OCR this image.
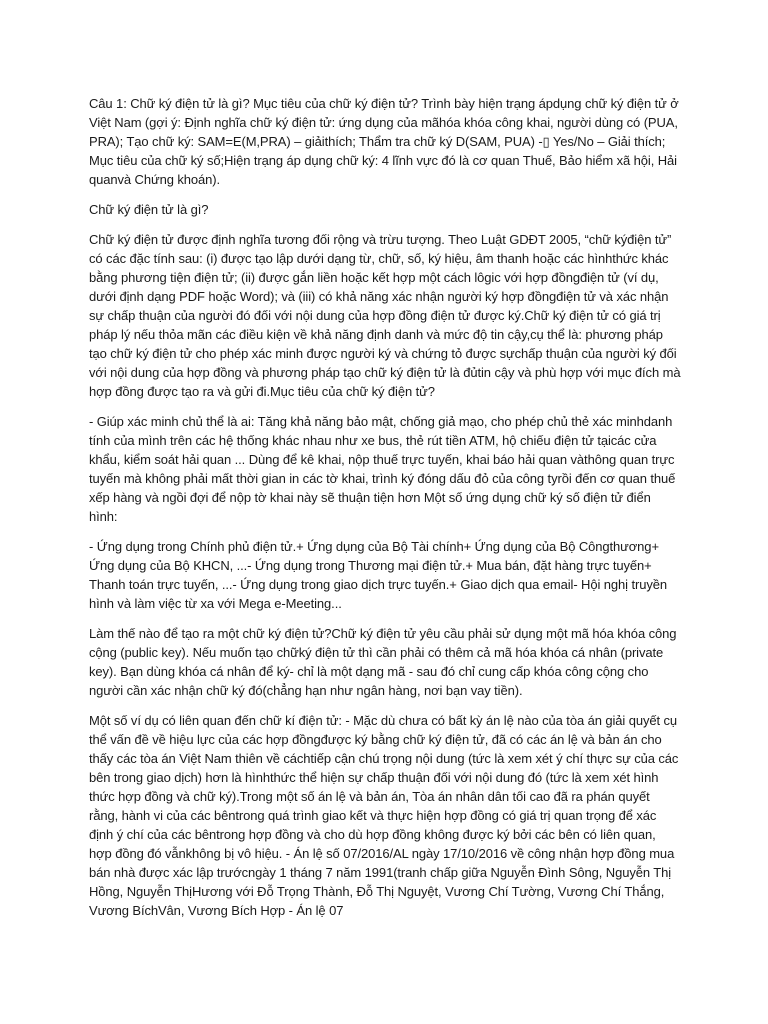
Câu 1: Chữ ký điện tử là gì? Mục tiêu của chữ ký điện tử? Trình bày hiện trạng ápdụng chữ ký điện tử ở Việt Nam (gợi ý: Định nghĩa chữ ký điện tử: ứng dụng của mãhóa khóa công khai, người dùng có (PUA, PRA); Tạo chữ ký: SAM=E(M,PRA) – giảithích; Thẩm tra chữ ký D(SAM, PUA) -▯ Yes/No – Giải thích; Mục tiêu của chữ ký số;Hiện trạng áp dụng chữ ký: 4 lĩnh vực đó là cơ quan Thuế, Bảo hiểm xã hội, Hải quanvà Chứng khoán).

Chữ ký điện tử là gì?

Chữ ký điện tử được định nghĩa tương đối rộng và trừu tượng. Theo Luật GDĐT 2005, “chữ kýđiện tử” có các đặc tính sau: (i) được tạo lập dưới dạng từ, chữ, số, ký hiệu, âm thanh hoặc các hìnhthức khác bằng phương tiện điện tử; (ii) được gắn liền hoặc kết hợp một cách lôgic với hợp đồngđiện tử (ví dụ, dưới định dạng PDF hoặc Word); và (iii) có khả năng xác nhận người ký hợp đồngđiện tử và xác nhận sự chấp thuận của người đó đối với nội dung của hợp đồng điện tử được ký.Chữ ký điện tử có giá trị pháp lý nếu thỏa mãn các điều kiện về khả năng định danh và mức độ tin cậy,cụ thể là: phương pháp tạo chữ ký điện tử cho phép xác minh được người ký và chứng tỏ được sựchấp thuận của người ký đối với nội dung của hợp đồng và phương pháp tạo chữ ký điện tử là đủtin cậy và phù hợp với mục đích mà hợp đồng được tạo ra và gửi đi.Mục tiêu của chữ ký điện tử?

- Giúp xác minh chủ thể là ai: Tăng khả năng bảo mật, chống giả mạo, cho phép chủ thẻ xác minhdanh tính của mình trên các hệ thống khác nhau như xe bus, thẻ rút tiền ATM, hộ chiếu điện tử tạicác cửa khẩu, kiểm soát hải quan ... Dùng để kê khai, nộp thuế trực tuyến, khai báo hải quan vàthông quan trực tuyến mà không phải mất thời gian in các tờ khai, trình ký đóng dấu đỏ của công tyrồi đến cơ quan thuế xếp hàng và ngồi đợi để nộp tờ khai này sẽ thuận tiện hơn Một số ứng dụng chữ ký số điện tử điển hình:

- Ứng dụng trong Chính phủ điện tử.+ Ứng dụng của Bộ Tài chính+ Ứng dụng của Bộ Côngthương+ Ứng dụng của Bộ KHCN, ...- Ứng dụng trong Thương mại điện tử.+ Mua bán, đặt hàng trực tuyến+ Thanh toán trực tuyến, ...- Ứng dụng trong giao dịch trực tuyến.+ Giao dịch qua email- Hội nghị truyền hình và làm việc từ xa với Mega e-Meeting...

Làm thế nào để tạo ra một chữ ký điện tử?Chữ ký điện tử yêu cầu phải sử dụng một mã hóa khóa công cộng (public key). Nếu muốn tạo chữký điện tử thì cần phải có thêm cả mã hóa khóa cá nhân (private key). Bạn dùng khóa cá nhân để ký- chỉ là một dạng mã - sau đó chỉ cung cấp khóa công cộng cho người cần xác nhận chữ ký đó(chẳng hạn như ngân hàng, nơi bạn vay tiền).

Một số ví dụ có liên quan đến chữ kí điện tử: - Mặc dù chưa có bất kỳ án lệ nào của tòa án giải quyết cụ thể vấn đề về hiệu lực của các hợp đồngđược ký bằng chữ ký điện tử, đã có các án lệ và bản án cho thấy các tòa án Việt Nam thiên về cáchtiếp cận chú trọng nội dung (tức là xem xét ý chí thực sự của các bên trong giao dịch) hơn là hìnhthức thể hiện sự chấp thuận đối với nội dung đó (tức là xem xét hình thức hợp đồng và chữ ký).Trong một số án lệ và bản án, Tòa án nhân dân tối cao đã ra phán quyết rằng, hành vi của các bêntrong quá trình giao kết và thực hiện hợp đồng có giá trị quan trọng để xác định ý chí của các bêntrong hợp đồng và cho dù hợp đồng không được ký bởi các bên có liên quan, hợp đồng đó vẫnkhông bị vô hiệu. - Án lệ số 07/2016/AL ngày 17/10/2016 về công nhận hợp đồng mua bán nhà được xác lập trướcngày 1 tháng 7 năm 1991(tranh chấp giữa Nguyễn Đình Sông, Nguyễn Thị Hồng, Nguyễn ThịHương với Đỗ Trọng Thành, Đỗ Thị Nguyệt, Vương Chí Tường, Vương Chí Thắng, Vương BíchVân, Vương Bích Hợp - Án lệ 07
